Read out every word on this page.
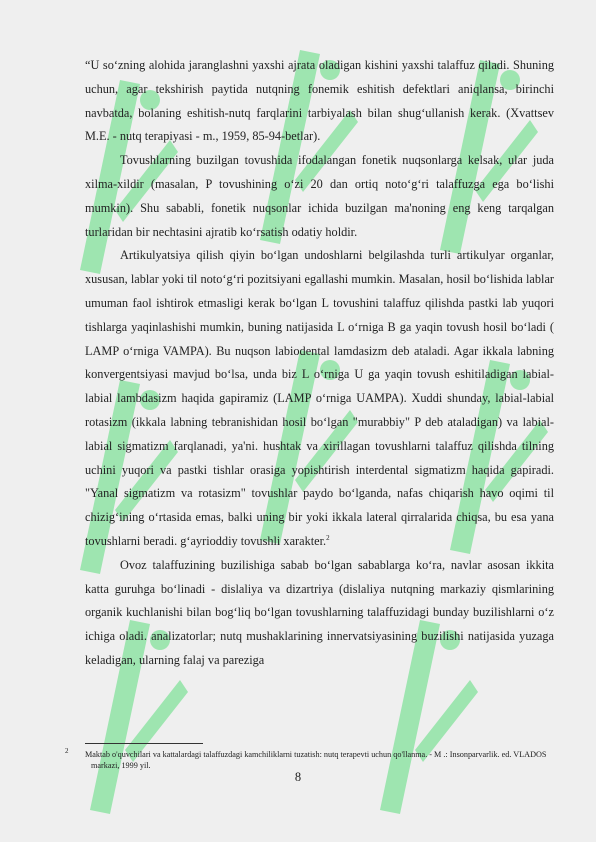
“U so‘zning alohida jaranglashni yaxshi ajrata oladigan kishini yaxshi talaffuz qiladi. Shuning uchun, agar tekshirish paytida nutqning fonemik eshitish defektlari aniqlansa, birinchi navbatda, bolaning eshitish-nutq farqlarini tarbiyalash bilan shug‘ullanish kerak. (Xvattsev M.E. - nutq terapiyasi - m., 1959, 85-94-betlar).

Tovushlarning buzilgan tovushida ifodalangan fonetik nuqsonlarga kelsak, ular juda xilma-xildir (masalan, P tovushining o‘zi 20 dan ortiq noto‘g‘ri talaffuzga ega bo‘lishi mumkin). Shu sababli, fonetik nuqsonlar ichida buzilgan ma'noning eng keng tarqalgan turlaridan bir nechtasini ajratib ko‘rsatish odatiy holdir.

Artikulyatsiya qilish qiyin bo‘lgan undoshlarni belgilashda turli artikulyar organlar, xususan, lablar yoki til noto‘g‘ri pozitsiyani egallashi mumkin. Masalan, hosil bo‘lishida lablar umuman faol ishtirok etmasligi kerak bo‘lgan L tovushini talaffuz qilishda pastki lab yuqori tishlarga yaqinlashishi mumkin, buning natijasida L o‘rniga B ga yaqin tovush hosil bo‘ladi ( LAMP o‘rniga VAMPA). Bu nuqson labiodental lamdasizm deb ataladi. Agar ikkala labning konvergentsiyasi mavjud bo‘lsa, unda biz L o‘rniga U ga yaqin tovush eshitiladigan labial-labial lambdasizm haqida gapiramiz (LAMP o‘rniga UAMPA). Xuddi shunday, labial-labial rotasizm (ikkala labning tebranishidan hosil bo‘lgan "murabbiy" P deb ataladigan) va labial-labial sigmatizm farqlanadi, ya'ni. hushtak va xirillagan tovushlarni talaffuz qilishda tilning uchini yuqori va pastki tishlar orasiga yopishtirish interdental sigmatizm haqida gapiradi. "Yanal sigmatizm va rotasizm" tovushlar paydo bo‘lganda, nafas chiqarish havo oqimi til chizig‘ining o‘rtasida emas, balki uning bir yoki ikkala lateral qirralarida chiqsa, bu esa yana tovushlarni beradi. g‘ayrioddiy tovushli xarakter.$^2$

Ovoz talaffuzining buzilishiga sabab bo‘lgan sabablarga ko‘ra, navlar asosan ikkita katta guruhga bo‘linadi - dislaliya va dizartriya (dislaliya nutqning markaziy qismlarining organik kuchlanishi bilan bog‘liq bo‘lgan tovushlarning talaffuzidagi bunday buzilishlarni o‘z ichiga oladi. analizatorlar; nutq mushaklarining innervatsiyasining buzilishi natijasida yuzaga keladigan, ularning falaj va pareziga

2 Maktab o'quvchilari va kattalardagi talaffuzdagi kamchiliklarni tuzatish: nutq terapevti uchun qo'llanma. - M .: Insonparvarlik. ed. VLADOS markazi, 1999 yil.
8
